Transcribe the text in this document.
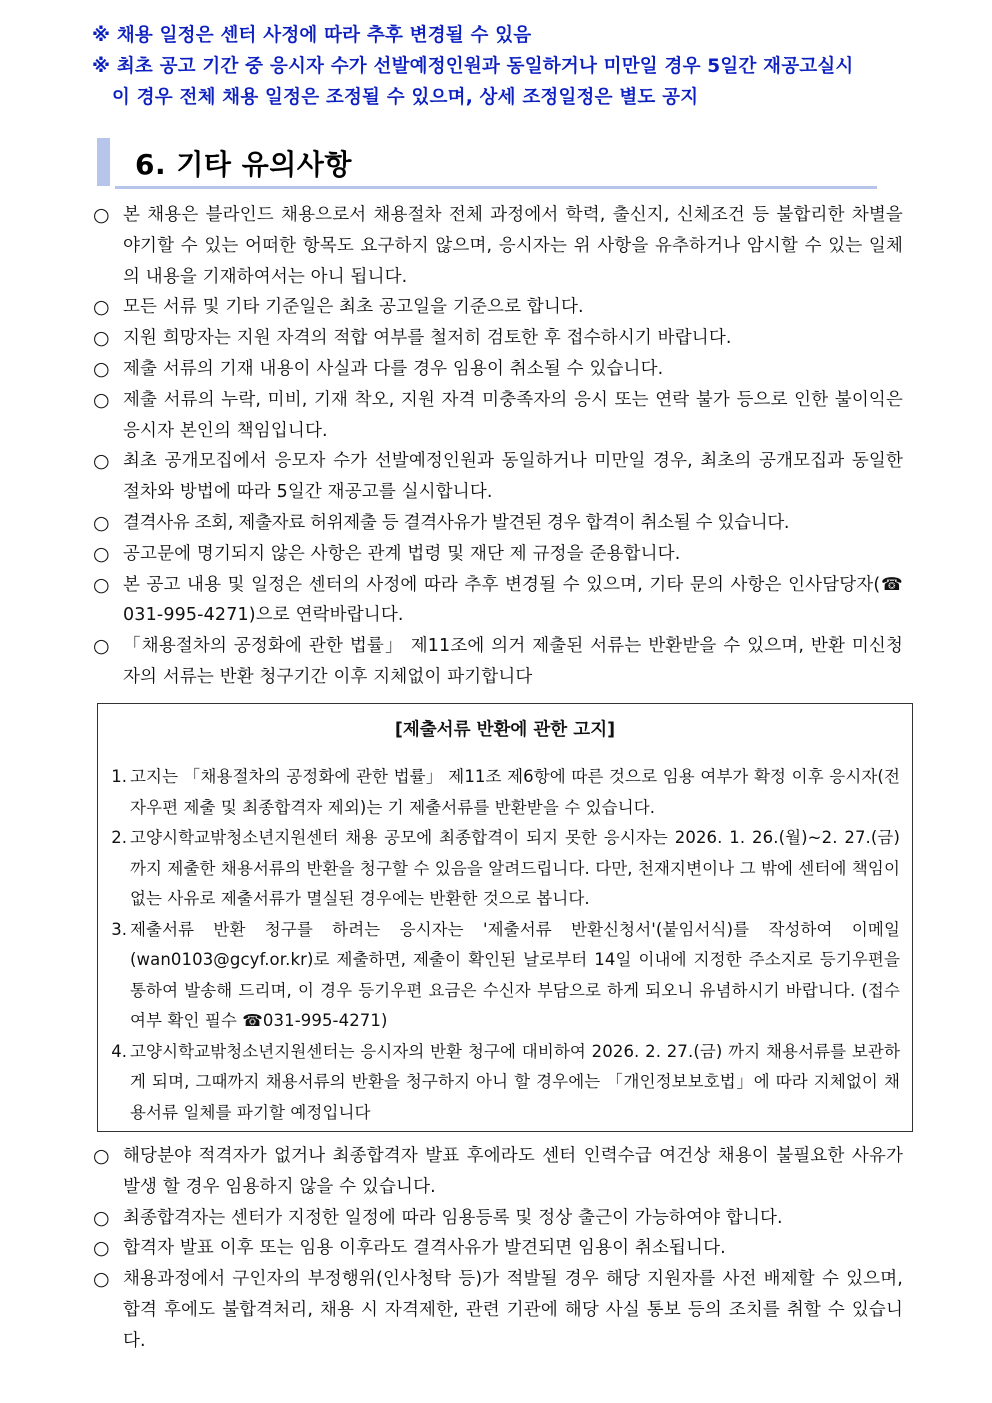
※ 채용 일정은 센터 사정에 따라 추후 변경될 수 있음
※ 최초 공고 기간 중 응시자 수가 선발예정인원과 동일하거나 미만일 경우 5일간 재공고실시
이 경우 전체 채용 일정은 조정될 수 있으며, 상세 조정일정은 별도 공지
6. 기타 유의사항
○ 본 채용은 블라인드 채용으로서 채용절차 전체 과정에서 학력, 출신지, 신체조건 등 불합리한 차별을 야기할 수 있는 어떠한 항목도 요구하지 않으며, 응시자는 위 사항을 유추하거나 암시할 수 있는 일체의 내용을 기재하여서는 아니 됩니다.
○ 모든 서류 및 기타 기준일은 최초 공고일을 기준으로 합니다.
○ 지원 희망자는 지원 자격의 적합 여부를 철저히 검토한 후 접수하시기 바랍니다.
○ 제출 서류의 기재 내용이 사실과 다를 경우 임용이 취소될 수 있습니다.
○ 제출 서류의 누락, 미비, 기재 착오, 지원 자격 미충족자의 응시 또는 연락 불가 등으로 인한 불이익은 응시자 본인의 책임입니다.
○ 최초 공개모집에서 응모자 수가 선발예정인원과 동일하거나 미만일 경우, 최초의 공개모집과 동일한 절차와 방법에 따라 5일간 재공고를 실시합니다.
○ 결격사유 조회, 제출자료 허위제출 등 결격사유가 발견된 경우 합격이 취소될 수 있습니다.
○ 공고문에 명기되지 않은 사항은 관계 법령 및 재단 제 규정을 준용합니다.
○ 본 공고 내용 및 일정은 센터의 사정에 따라 추후 변경될 수 있으며, 기타 문의 사항은 인사담당자(☎ 031-995-4271)으로 연락바랍니다.
○ 「채용절차의 공정화에 관한 법률」 제11조에 의거 제출된 서류는 반환받을 수 있으며, 반환 미신청자의 서류는 반환 청구기간 이후 지체없이 파기합니다
[제출서류 반환에 관한 고지]
1. 고지는 「채용절차의 공정화에 관한 법률」 제11조 제6항에 따른 것으로 임용 여부가 확정 이후 응시자(전자우편 제출 및 최종합격자 제외)는 기 제출서류를 반환받을 수 있습니다.
2. 고양시학교밖청소년지원센터 채용 공모에 최종합격이 되지 못한 응시자는 2026. 1. 26.(월)~2. 27.(금)까지 제출한 채용서류의 반환을 청구할 수 있음을 알려드립니다. 다만, 천재지변이나 그 밖에 센터에 책임이 없는 사유로 제출서류가 멸실된 경우에는 반환한 것으로 봅니다.
3. 제출서류 반환 청구를 하려는 응시자는 '제출서류 반환신청서'(붙임서식)를 작성하여 이메일(wan0103@gcyf.or.kr)로 제출하면, 제출이 확인된 날로부터 14일 이내에 지정한 주소지로 등기우편을 통하여 발송해 드리며, 이 경우 등기우편 요금은 수신자 부담으로 하게 되오니 유념하시기 바랍니다. (접수 여부 확인 필수 ☎031-995-4271)
4. 고양시학교밖청소년지원센터는 응시자의 반환 청구에 대비하여 2026. 2. 27.(금) 까지 채용서류를 보관하게 되며, 그때까지 채용서류의 반환을 청구하지 아니 할 경우에는 「개인정보보호법」에 따라 지체없이 채용서류 일체를 파기할 예정입니다
○ 해당분야 적격자가 없거나 최종합격자 발표 후에라도 센터 인력수급 여건상 채용이 불필요한 사유가 발생 할 경우 임용하지 않을 수 있습니다.
○ 최종합격자는 센터가 지정한 일정에 따라 임용등록 및 정상 출근이 가능하여야 합니다.
○ 합격자 발표 이후 또는 임용 이후라도 결격사유가 발견되면 임용이 취소됩니다.
○ 채용과정에서 구인자의 부정행위(인사청탁 등)가 적발될 경우 해당 지원자를 사전 배제할 수 있으며, 합격 후에도 불합격처리, 채용 시 자격제한, 관련 기관에 해당 사실 통보 등의 조치를 취할 수 있습니다.
